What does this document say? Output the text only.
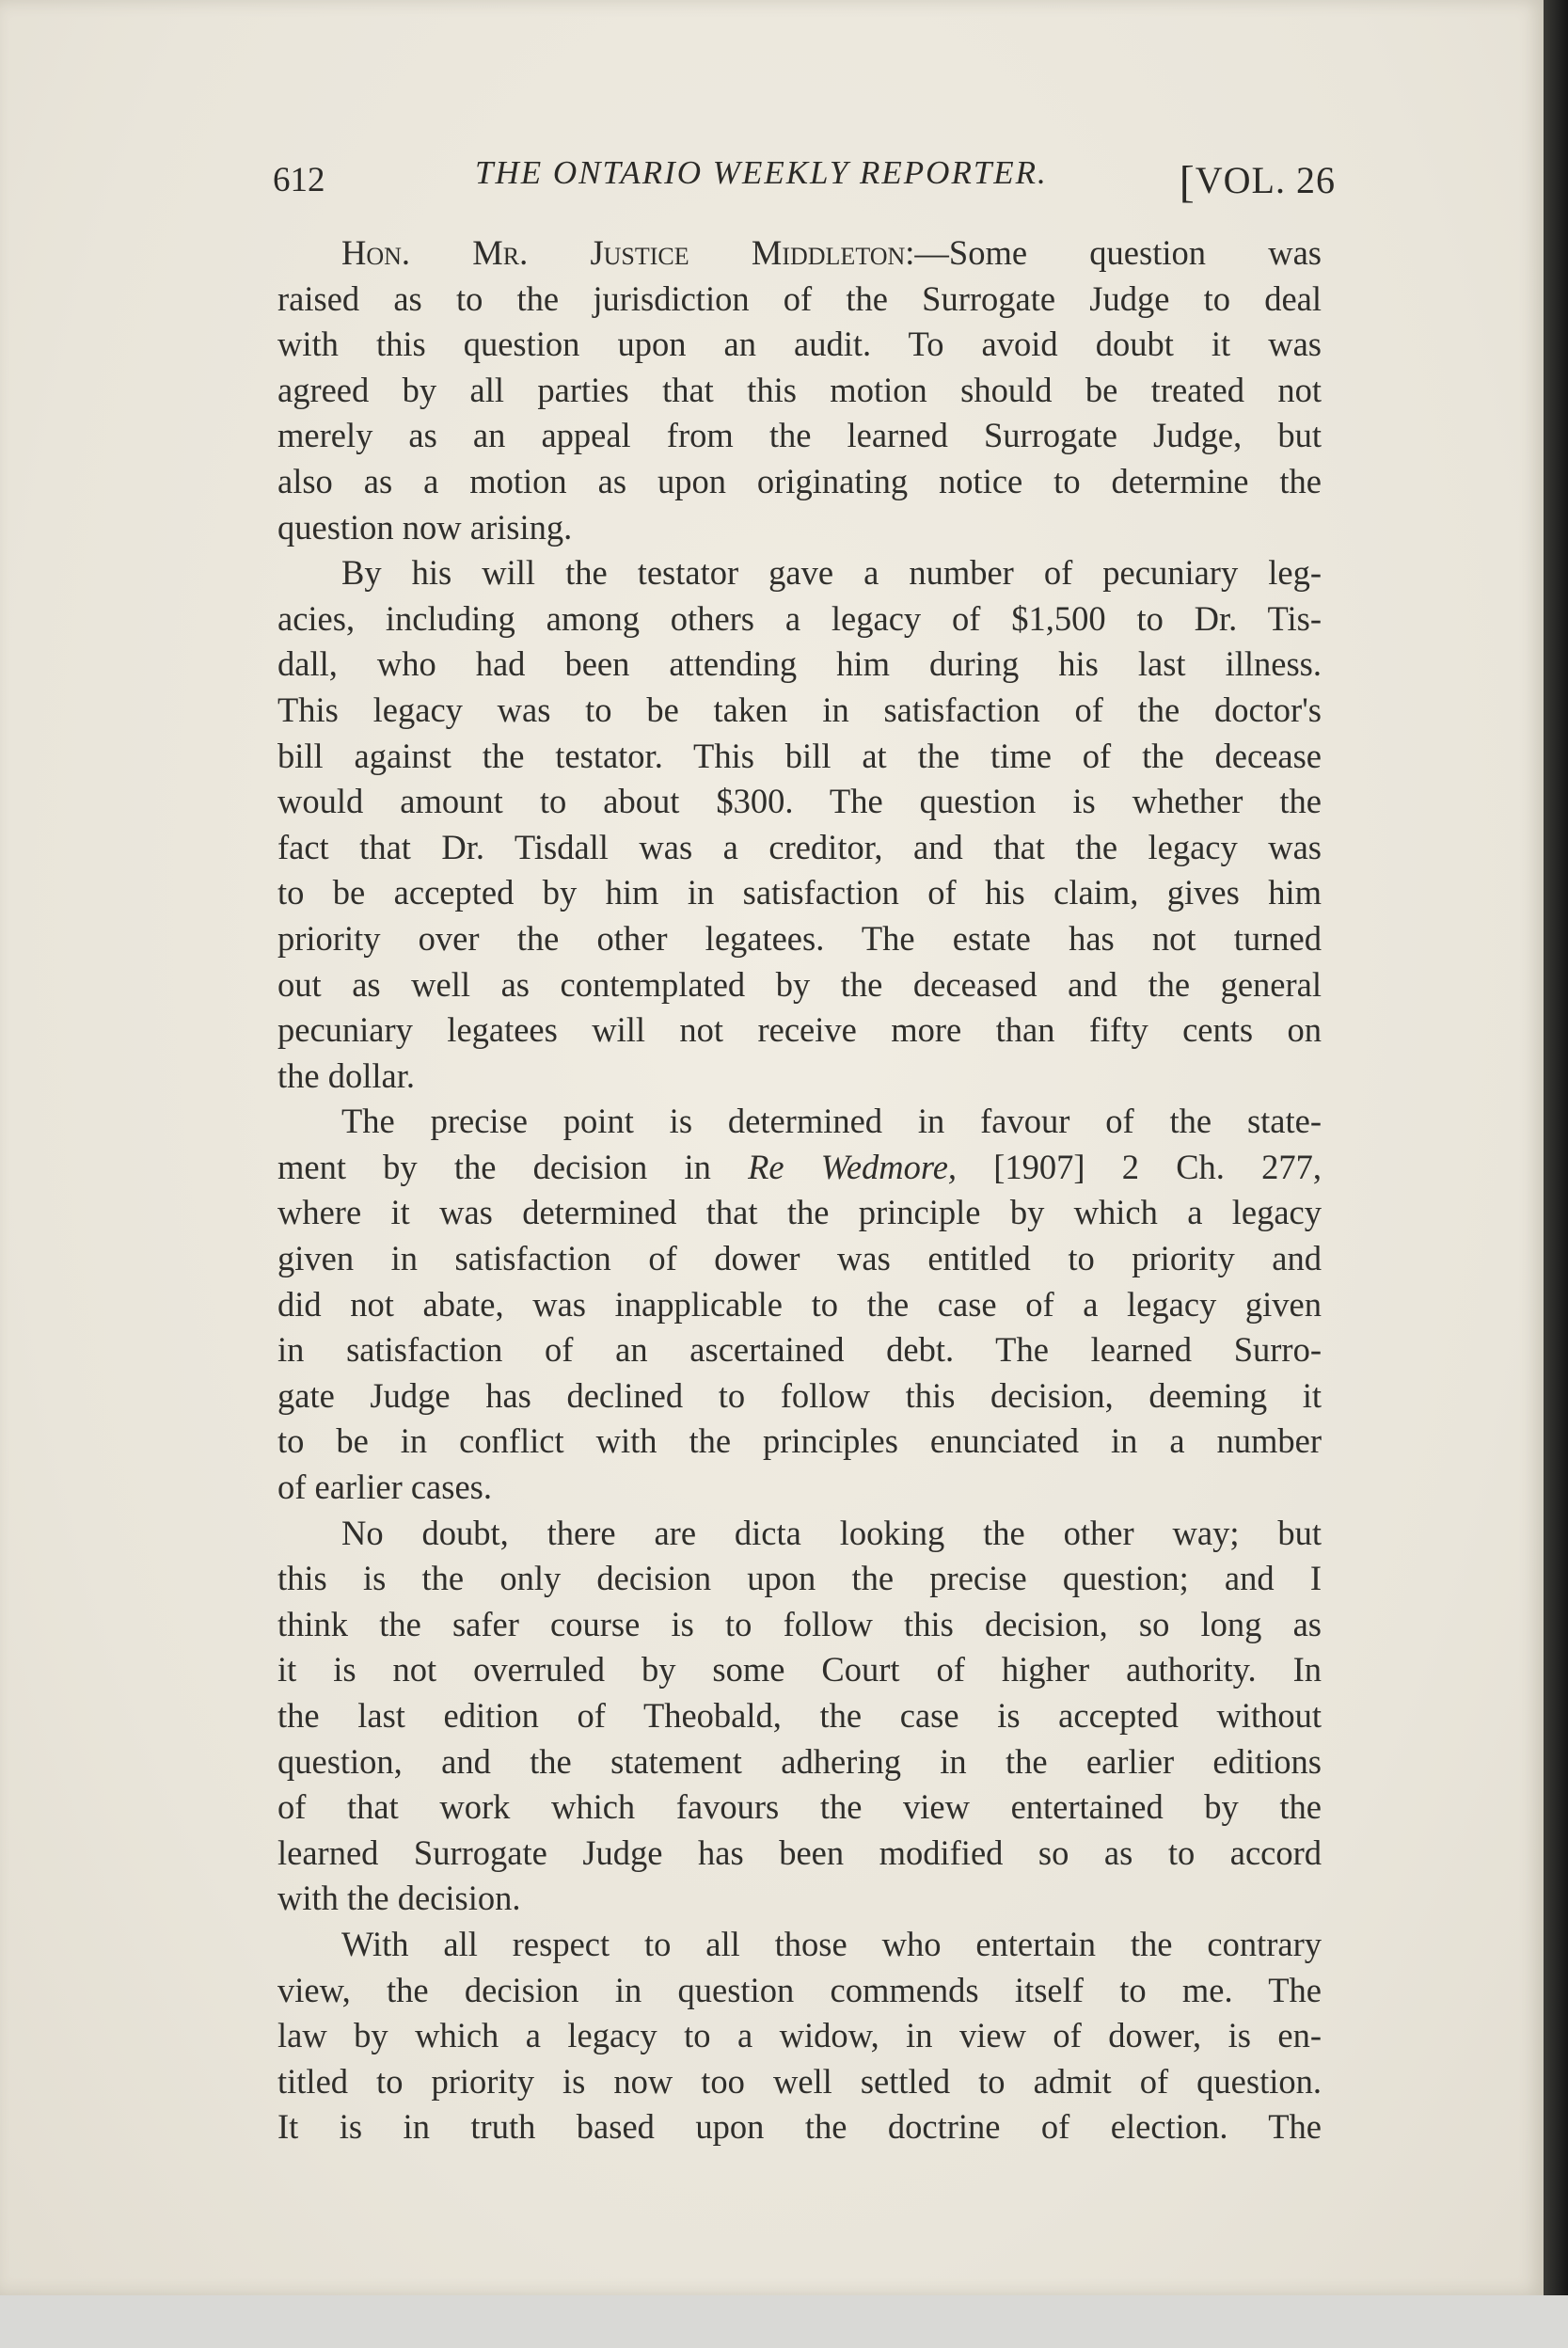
612	THE ONTARIO WEEKLY REPORTER.	[VOL. 26
Hon. Mr. Justice Middleton:—Some question was
raised as to the jurisdiction of the Surrogate Judge to deal
with this question upon an audit. To avoid doubt it was
agreed by all parties that this motion should be treated not
merely as an appeal from the learned Surrogate Judge, but
also as a motion as upon originating notice to determine the
question now arising.
By his will the testator gave a number of pecuniary leg-
acies, including among others a legacy of $1,500 to Dr. Tis-
dall, who had been attending him during his last illness.
This legacy was to be taken in satisfaction of the doctor's
bill against the testator. This bill at the time of the decease
would amount to about $300. The question is whether the
fact that Dr. Tisdall was a creditor, and that the legacy was
to be accepted by him in satisfaction of his claim, gives him
priority over the other legatees. The estate has not turned
out as well as contemplated by the deceased and the general
pecuniary legatees will not receive more than fifty cents on
the dollar.
The precise point is determined in favour of the state-
ment by the decision in Re Wedmore, [1907] 2 Ch. 277,
where it was determined that the principle by which a legacy
given in satisfaction of dower was entitled to priority and
did not abate, was inapplicable to the case of a legacy given
in satisfaction of an ascertained debt. The learned Surro-
gate Judge has declined to follow this decision, deeming it
to be in conflict with the principles enunciated in a number
of earlier cases.
No doubt, there are dicta looking the other way; but
this is the only decision upon the precise question; and I
think the safer course is to follow this decision, so long as
it is not overruled by some Court of higher authority. In
the last edition of Theobald, the case is accepted without
question, and the statement adhering in the earlier editions
of that work which favours the view entertained by the
learned Surrogate Judge has been modified so as to accord
with the decision.
With all respect to all those who entertain the contrary
view, the decision in question commends itself to me. The
law by which a legacy to a widow, in view of dower, is en-
titled to priority is now too well settled to admit of question.
It is in truth based upon the doctrine of election. The
